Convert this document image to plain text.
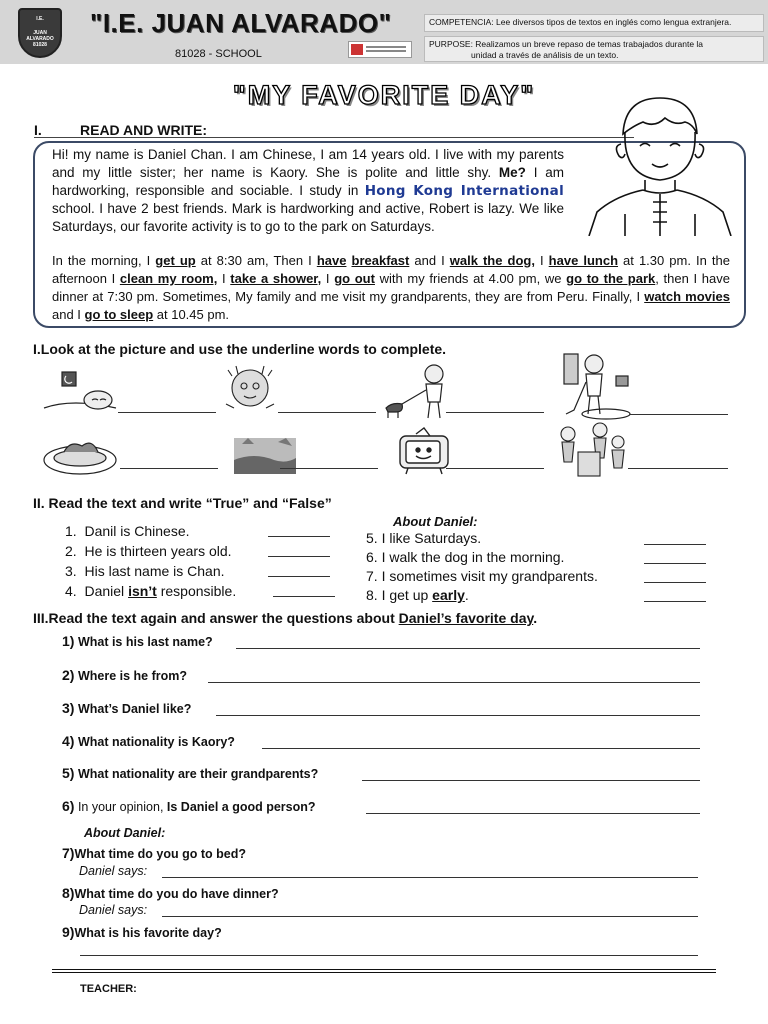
I.E.
JUAN ALVARADO
81028
"I.E. JUAN ALVARADO"
81028 - SCHOOL
COMPETENCIA: Lee diversos tipos de textos en inglés como lengua extranjera.
PURPOSE: Realizamos un breve repaso de temas trabajados durante la
unidad a través de análisis de un texto.
"MY FAVORITE DAY"
I.	READ AND WRITE:
Hi! my name is Daniel Chan. I am Chinese, I am 14 years old. I live with my parents and my little sister; her name is Kaory. She is polite and little shy. Me? I am hardworking, responsible and sociable. I study in Hong Kong International school. I have 2 best friends. Mark is hardworking and active, Robert is lazy. We like Saturdays, our favorite activity is to go to the park on Saturdays.
In the morning, I get up at 8:30 am, Then I have breakfast and I walk the dog, I have lunch at 1.30 pm. In the afternoon I clean my room, I take a shower, I go out with my friends at 4.00 pm, we go to the park, then I have dinner at 7:30 pm. Sometimes, My family and me visit my grandparents, they are from Peru. Finally, I watch movies and I go to sleep at 10.45 pm.
I.Look at the picture and use the underline words to complete.
II. Read the text and write “True” and “False”
1. Danil is Chinese.
2. He is thirteen years old.
3. His last name is Chan.
4. Daniel isn’t responsible.
About Daniel:
5. I like Saturdays.
6. I walk the dog in the morning.
7. I sometimes visit my grandparents.
8. I get up early.
III.Read the text again and answer the questions about Daniel’s favorite day.
1) What is his last name?
2) Where is he from?
3) What’s Daniel like?
4) What nationality is Kaory?
5) What nationality are their grandparents?
6) In your opinion, Is Daniel a good person?
About Daniel:
7)What time do you go to bed?
Daniel says:
8)What time do you do have dinner?
Daniel says:
9)What is his favorite day?
TEACHER:
